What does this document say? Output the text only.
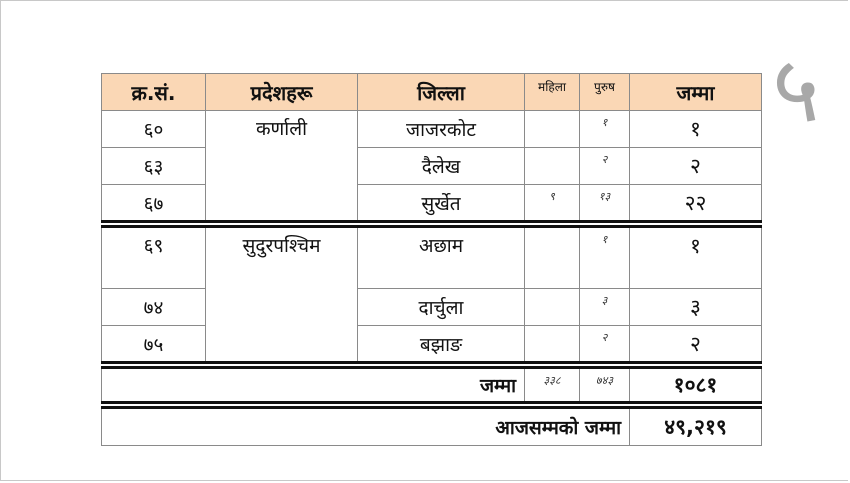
५
क्र.सं.	प्रदेशहरू	जिल्ला	महिला	पुरुष	जम्मा
६०	कर्णाली	जाजरकोट		१	१
६३		दैलेख		२	२
६७		सुर्खेत	९	१३	२२

६९	सुदुरपश्चिम	अछाम		१	१
७४		दार्चुला		३	३
७५		बझाङ		२	२

जम्मा			३३८	७४३	१०८१

आजसम्मको जम्मा					४९,२१९
